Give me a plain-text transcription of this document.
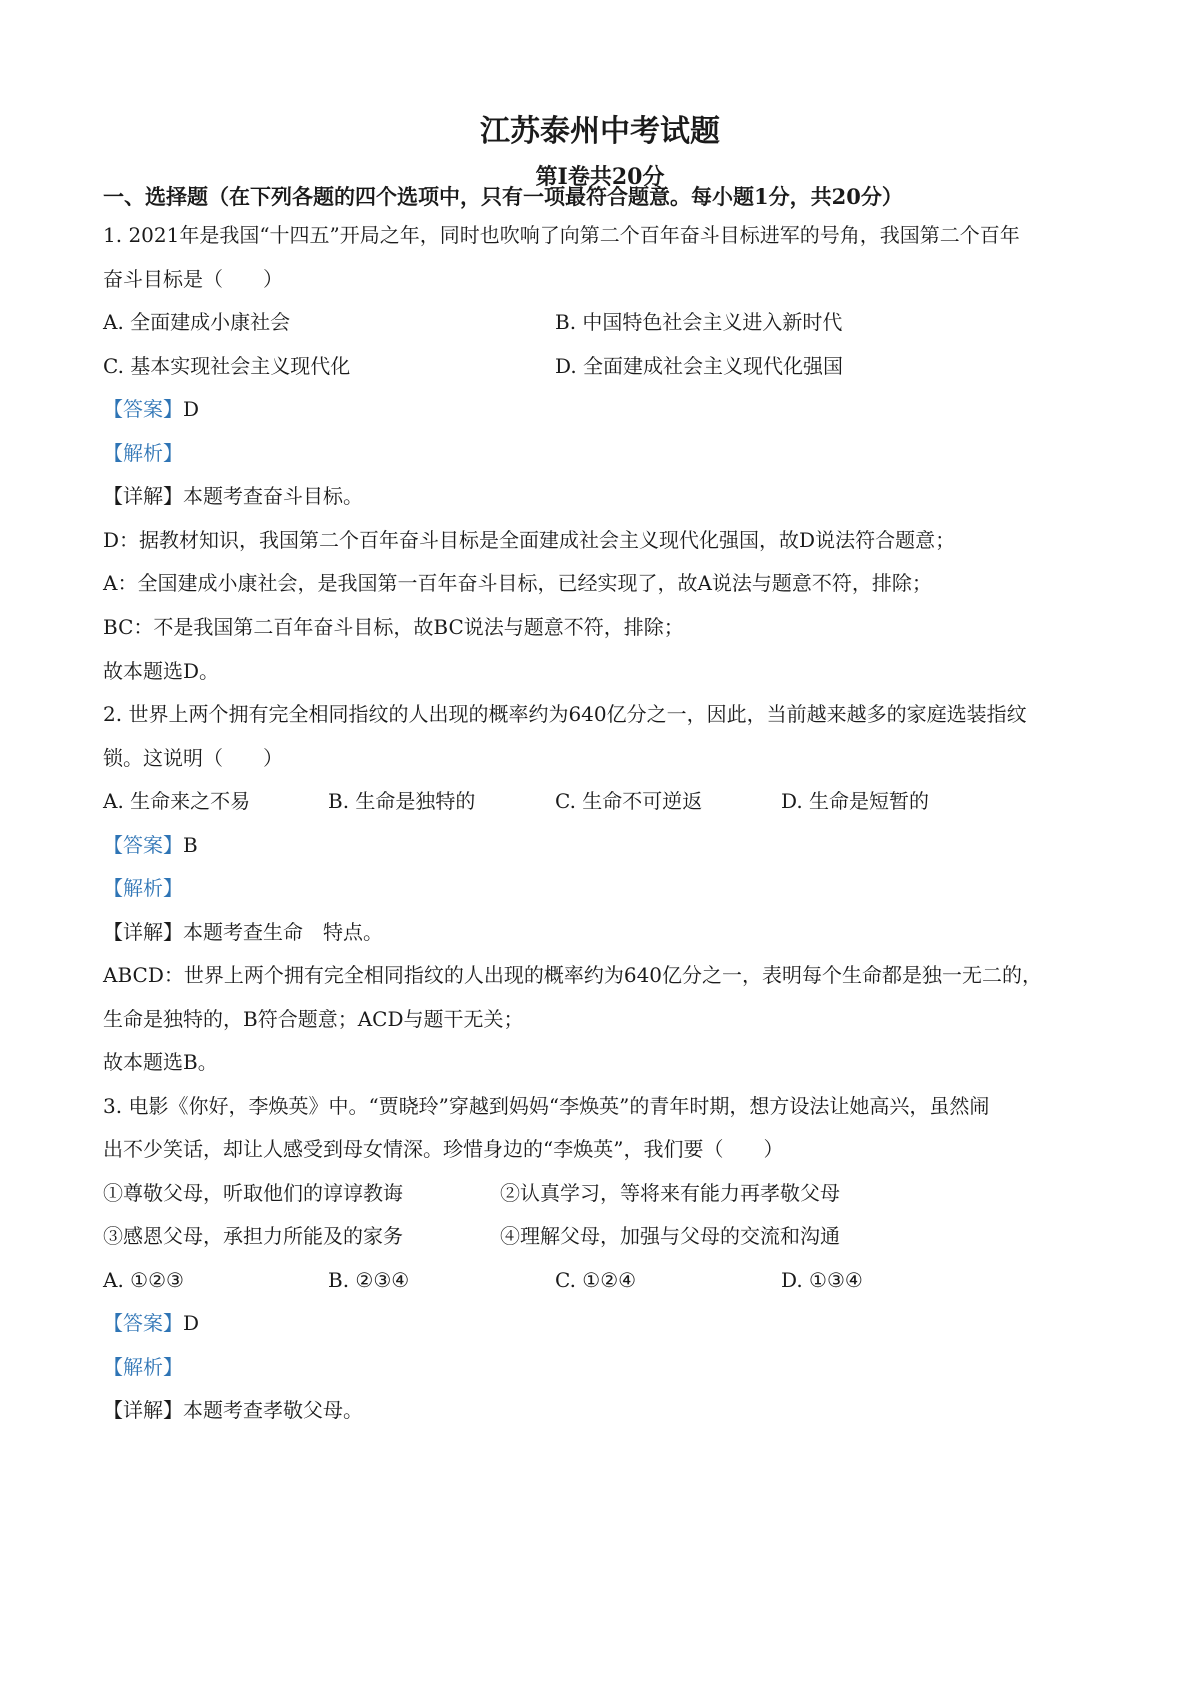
江苏泰州中考试题
第Ⅰ卷共20分
一、选择题（在下列各题的四个选项中，只有一项最符合题意。每小题1分，共20分）
1. 2021年是我国“十四五”开局之年，同时也吹响了向第二个百年奋斗目标进军的号角，我国第二个百年
奋斗目标是（　　）
A. 全面建成小康社会	B. 中国特色社会主义进入新时代
C. 基本实现社会主义现代化	D. 全面建成社会主义现代化强国
【答案】D
【解析】
【详解】本题考查奋斗目标。
D：据教材知识，我国第二个百年奋斗目标是全面建成社会主义现代化强国，故D说法符合题意；
A：全国建成小康社会，是我国第一百年奋斗目标，已经实现了，故A说法与题意不符，排除；
BC：不是我国第二百年奋斗目标，故BC说法与题意不符，排除；
故本题选D。
2. 世界上两个拥有完全相同指纹的人出现的概率约为640亿分之一，因此，当前越来越多的家庭选装指纹
锁。这说明（　　）
A. 生命来之不易	B. 生命是独特的	C. 生命不可逆返	D. 生命是短暂的
【答案】B
【解析】
【详解】本题考查生命　特点。
ABCD：世界上两个拥有完全相同指纹的人出现的概率约为640亿分之一，表明每个生命都是独一无二的，
生命是独特的，B符合题意；ACD与题干无关；
故本题选B。
3. 电影《你好，李焕英》中。“贾晓玲”穿越到妈妈“李焕英”的青年时期，想方设法让她高兴，虽然闹
出不少笑话，却让人感受到母女情深。珍惜身边的“李焕英”，我们要（　　）
①尊敬父母，听取他们的谆谆教诲	②认真学习，等将来有能力再孝敬父母
③感恩父母，承担力所能及的家务	④理解父母，加强与父母的交流和沟通
A. ①②③	B. ②③④	C. ①②④	D. ①③④
【答案】D
【解析】
【详解】本题考查孝敬父母。
